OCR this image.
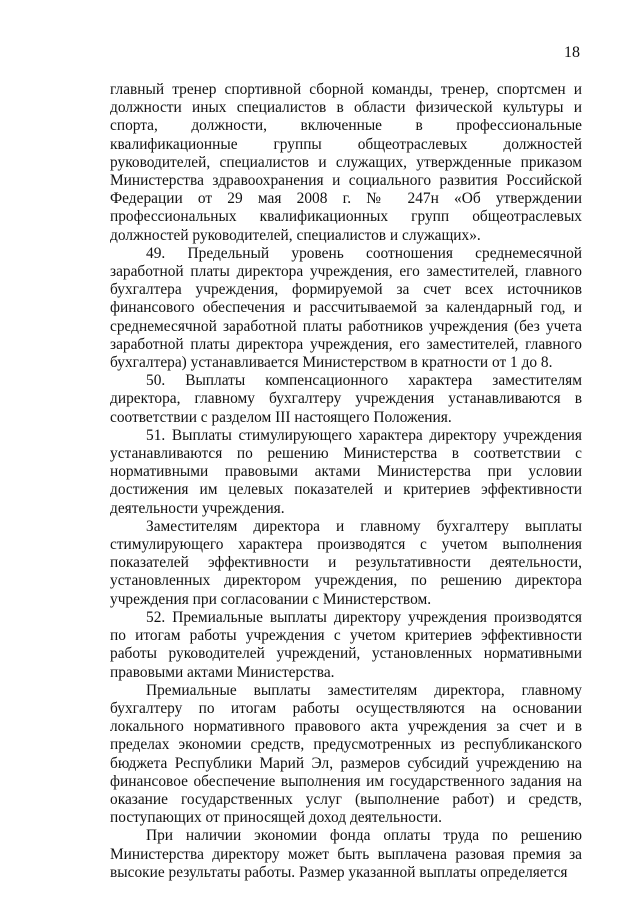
18

главный тренер спортивной сборной команды, тренер, спортсмен и должности иных специалистов в области физической культуры и спорта, должности, включенные в профессиональные квалификационные группы общеотраслевых должностей руководителей, специалистов и служащих, утвержденные приказом Министерства здравоохранения и социального развития Российской Федерации от 29 мая 2008 г. № 247н «Об утверждении профессиональных квалификационных групп общеотраслевых должностей руководителей, специалистов и служащих».

49. Предельный уровень соотношения среднемесячной заработной платы директора учреждения, его заместителей, главного бухгалтера учреждения, формируемой за счет всех источников финансового обеспечения и рассчитываемой за календарный год, и среднемесячной заработной платы работников учреждения (без учета заработной платы директора учреждения, его заместителей, главного бухгалтера) устанавливается Министерством в кратности от 1 до 8.

50. Выплаты компенсационного характера заместителям директора, главному бухгалтеру учреждения устанавливаются в соответствии с разделом III настоящего Положения.

51. Выплаты стимулирующего характера директору учреждения устанавливаются по решению Министерства в соответствии с нормативными правовыми актами Министерства при условии достижения им целевых показателей и критериев эффективности деятельности учреждения.

Заместителям директора и главному бухгалтеру выплаты стимулирующего характера производятся с учетом выполнения показателей эффективности и результативности деятельности, установленных директором учреждения, по решению директора учреждения при согласовании с Министерством.

52. Премиальные выплаты директору учреждения производятся по итогам работы учреждения с учетом критериев эффективности работы руководителей учреждений, установленных нормативными правовыми актами Министерства.

Премиальные выплаты заместителям директора, главному бухгалтеру по итогам работы осуществляются на основании локального нормативного правового акта учреждения за счет и в пределах экономии средств, предусмотренных из республиканского бюджета Республики Марий Эл, размеров субсидий учреждению на финансовое обеспечение выполнения им государственного задания на оказание государственных услуг (выполнение работ) и средств, поступающих от приносящей доход деятельности.

При наличии экономии фонда оплаты труда по решению Министерства директору может быть выплачена разовая премия за высокие результаты работы. Размер указанной выплаты определяется
